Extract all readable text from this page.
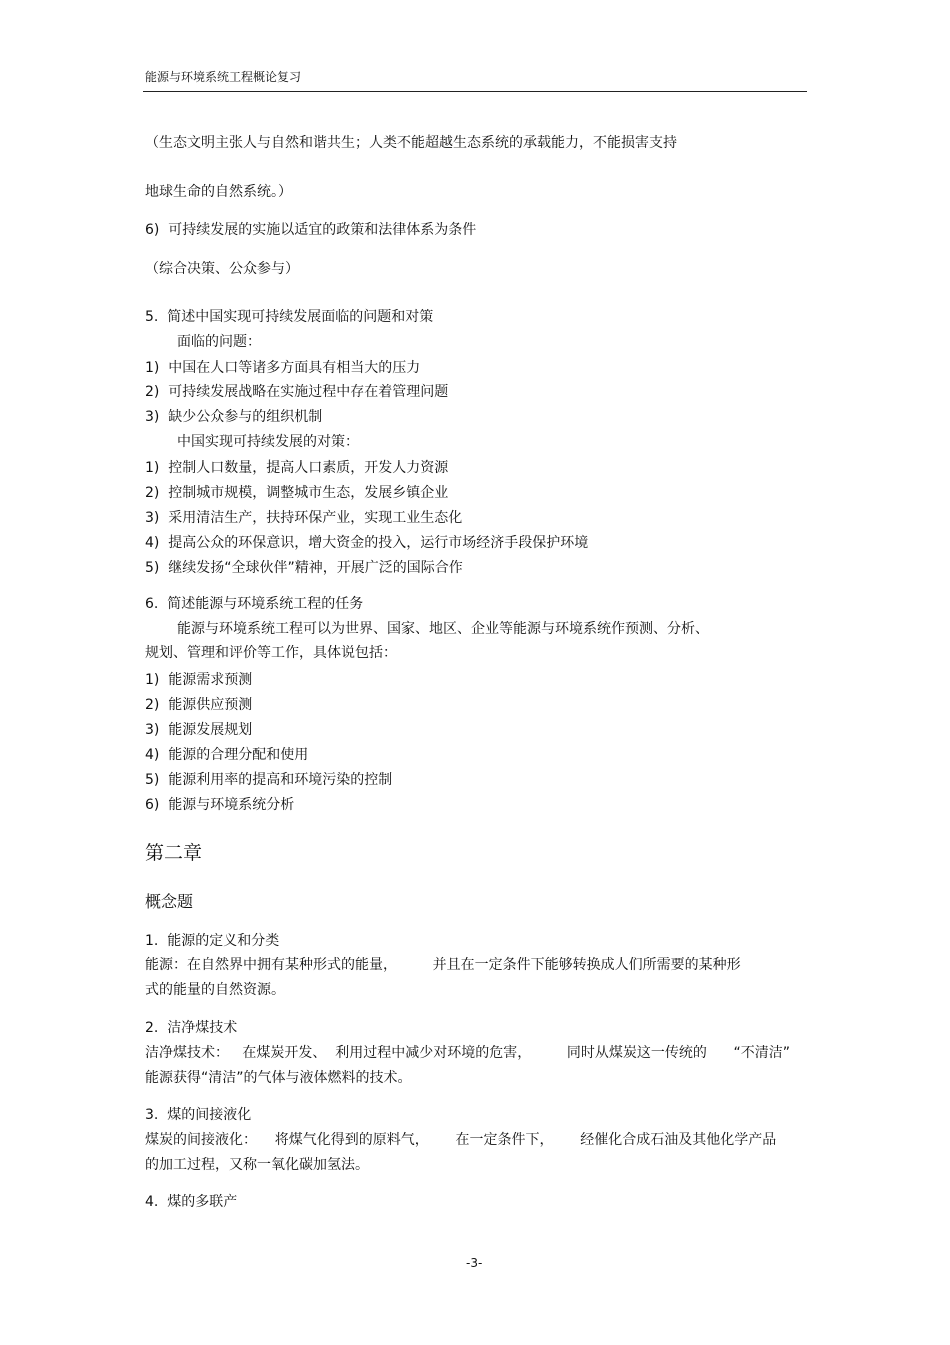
能源与环境系统工程概论复习
（生态文明主张人与自然和谐共生；人类不能超越生态系统的承载能力，不能损害支持
地球生命的自然系统。）
6)  可持续发展的实施以适宜的政策和法律体系为条件
（综合决策、公众参与）
5.  简述中国实现可持续发展面临的问题和对策
面临的问题：
1)  中国在人口等诸多方面具有相当大的压力
2)  可持续发展战略在实施过程中存在着管理问题
3)  缺少公众参与的组织机制
中国实现可持续发展的对策：
1)  控制人口数量，提高人口素质，开发人力资源
2)  控制城市规模，调整城市生态，发展乡镇企业
3)  采用清洁生产，扶持环保产业，实现工业生态化
4)  提高公众的环保意识，增大资金的投入，运行市场经济手段保护环境
5)  继续发扬“全球伙伴”精神，开展广泛的国际合作
6.  简述能源与环境系统工程的任务
能源与环境系统工程可以为世界、国家、地区、企业等能源与环境系统作预测、分析、
规划、管理和评价等工作，具体说包括：
1)  能源需求预测
2)  能源供应预测
3)  能源发展规划
4)  能源的合理分配和使用
5)  能源利用率的提高和环境污染的控制
6)  能源与环境系统分析
第二章
概念题
1.  能源的定义和分类
能源：在自然界中拥有某种形式的能量，        并且在一定条件下能够转换成人们所需要的某种形
式的能量的自然资源。
2.  洁净煤技术
洁净煤技术：   在煤炭开发、  利用过程中减少对环境的危害，        同时从煤炭这一传统的      “不清洁”
能源获得“清洁”的气体与液体燃料的技术。
3.  煤的间接液化
煤炭的间接液化：    将煤气化得到的原料气，      在一定条件下，      经催化合成石油及其他化学产品
的加工过程，又称一氧化碳加氢法。
4.  煤的多联产
-3-
